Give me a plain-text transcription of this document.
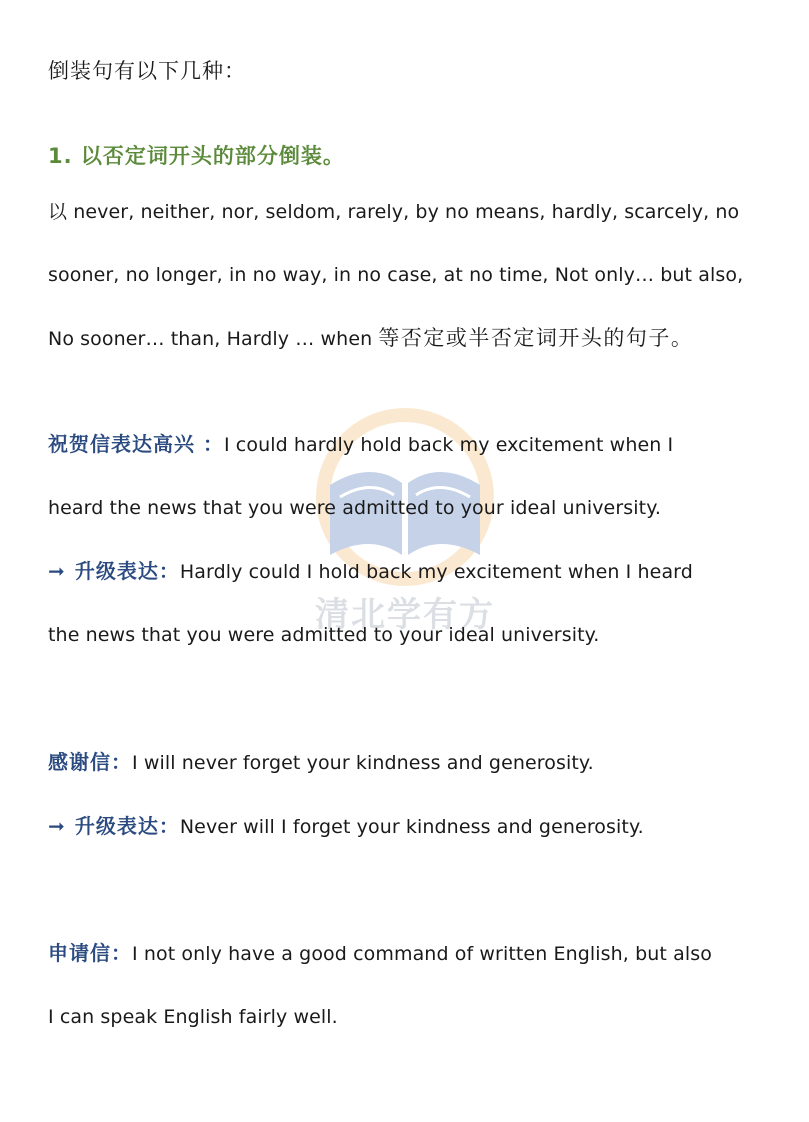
清北学有方
倒装句有以下几种：
1. 以否定词开头的部分倒装。
以 never, neither, nor, seldom, rarely, by no means, hardly, scarcely, no
sooner, no longer, in no way, in no case, at no time, Not only… but also,
No sooner… than, Hardly … when 等否定或半否定词开头的句子。
祝贺信表达高兴 ：I could hardly hold back my excitement when I
heard the news that you were admitted to your ideal university.
➞ 升级表达：Hardly could I hold back my excitement when I heard
the news that you were admitted to your ideal university.
感谢信：I will never forget your kindness and generosity.
➞ 升级表达：Never will I forget your kindness and generosity.
申请信：I not only have a good command of written English, but also
I can speak English fairly well.
